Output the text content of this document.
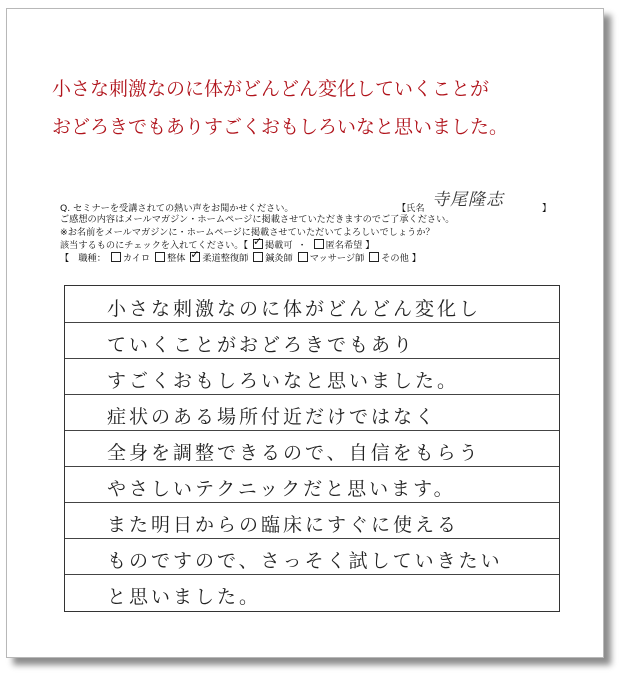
小さな刺激なのに体がどんどん変化していくことが
おどろきでもありすごくおもしろいなと思いました。
Q. セミナーを受講されての熱い声をお聞かせください。	【氏名 寺尾隆志	】
ご感想の内容はメールマガジン・ホームページに掲載させていただきますのでご了承ください。
※お名前をメールマガジンに・ホームページに掲載させていただいてよろしいでしょうか？
該当するものにチェックを入れてください。【 ✓ 掲載可 ・ 匿名希望 】
【　職種： カイロ 整体 ✓ 柔道整復師 鍼灸師 マッサージ師 その他 】
小さな刺激なのに体がどんどん変化し
ていくことがおどろきでもあり
すごくおもしろいなと思いました。
症状のある場所付近だけではなく
全身を調整できるので、自信をもらう
やさしいテクニックだと思います。
また明日からの臨床にすぐに使える
ものですので、さっそく試していきたい
と思いました。
